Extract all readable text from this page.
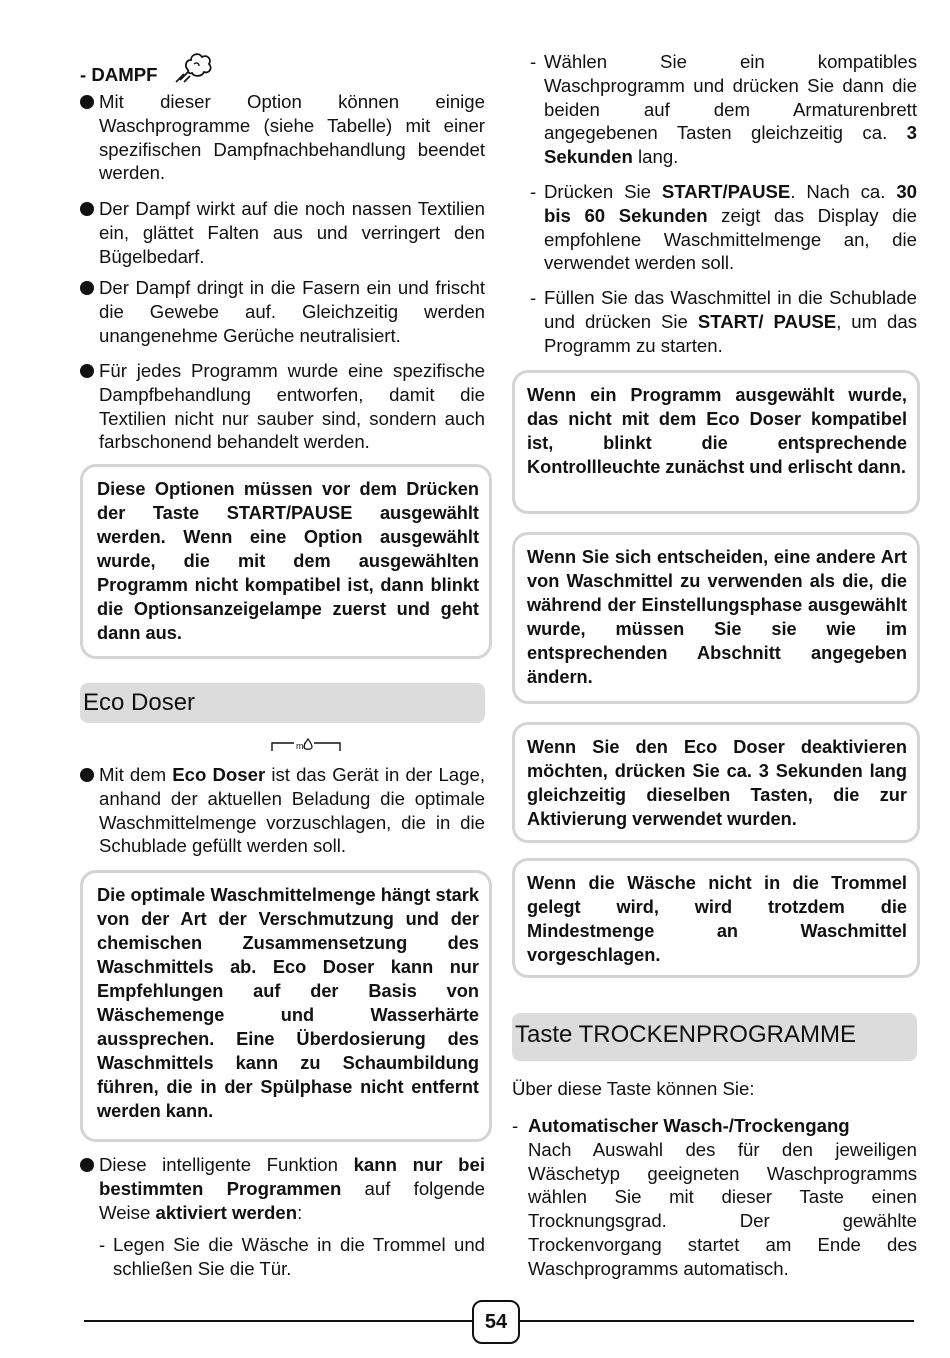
- DAMPF

Mit dieser Option können einige Waschprogramme (siehe Tabelle) mit einer spezifischen Dampfnachbehandlung beendet werden.

Der Dampf wirkt auf die noch nassen Textilien ein, glättet Falten aus und verringert den Bügelbedarf.

Der Dampf dringt in die Fasern ein und frischt die Gewebe auf. Gleichzeitig werden unangenehme Gerüche neutralisiert.

Für jedes Programm wurde eine spezifische Dampfbehandlung entworfen, damit die Textilien nicht nur sauber sind, sondern auch farbschonend behandelt werden.

Diese Optionen müssen vor dem Drücken der Taste START/PAUSE ausgewählt werden. Wenn eine Option ausgewählt wurde, die mit dem ausgewählten Programm nicht kompatibel ist, dann blinkt die Optionsanzeigelampe zuerst und geht dann aus.

Eco Doser
ml

Mit dem Eco Doser ist das Gerät in der Lage, anhand der aktuellen Beladung die optimale Waschmittelmenge vorzuschlagen, die in die Schublade gefüllt werden soll.

Die optimale Waschmittelmenge hängt stark von der Art der Verschmutzung und der chemischen Zusammensetzung des Waschmittels ab. Eco Doser kann nur Empfehlungen auf der Basis von Wäschemenge und Wasserhärte aussprechen. Eine Überdosierung des Waschmittels kann zu Schaumbildung führen, die in der Spülphase nicht entfernt werden kann.

Diese intelligente Funktion kann nur bei bestimmten Programmen auf folgende Weise aktiviert werden:

- Legen Sie die Wäsche in die Trommel und schließen Sie die Tür.

- Wählen Sie ein kompatibles Waschprogramm und drücken Sie dann die beiden auf dem Armaturenbrett angegebenen Tasten gleichzeitig ca. 3 Sekunden lang.

- Drücken Sie START/PAUSE. Nach ca. 30 bis 60 Sekunden zeigt das Display die empfohlene Waschmittelmenge an, die verwendet werden soll.

- Füllen Sie das Waschmittel in die Schublade und drücken Sie START/ PAUSE, um das Programm zu starten.

Wenn ein Programm ausgewählt wurde, das nicht mit dem Eco Doser kompatibel ist, blinkt die entsprechende Kontrollleuchte zunächst und erlischt dann.

Wenn Sie sich entscheiden, eine andere Art von Waschmittel zu verwenden als die, die während der Einstellungsphase ausgewählt wurde, müssen Sie sie wie im entsprechenden Abschnitt angegeben ändern.

Wenn Sie den Eco Doser deaktivieren möchten, drücken Sie ca. 3 Sekunden lang gleichzeitig dieselben Tasten, die zur Aktivierung verwendet wurden.

Wenn die Wäsche nicht in die Trommel gelegt wird, wird trotzdem die Mindestmenge an Waschmittel vorgeschlagen.

Taste TROCKENPROGRAMME

Über diese Taste können Sie:

- Automatischer Wasch-/Trockengang
Nach Auswahl des für den jeweiligen Wäschetyp geeigneten Waschprogramms wählen Sie mit dieser Taste einen Trocknungsgrad. Der gewählte Trockenvorgang startet am Ende des Waschprogramms automatisch.

54
